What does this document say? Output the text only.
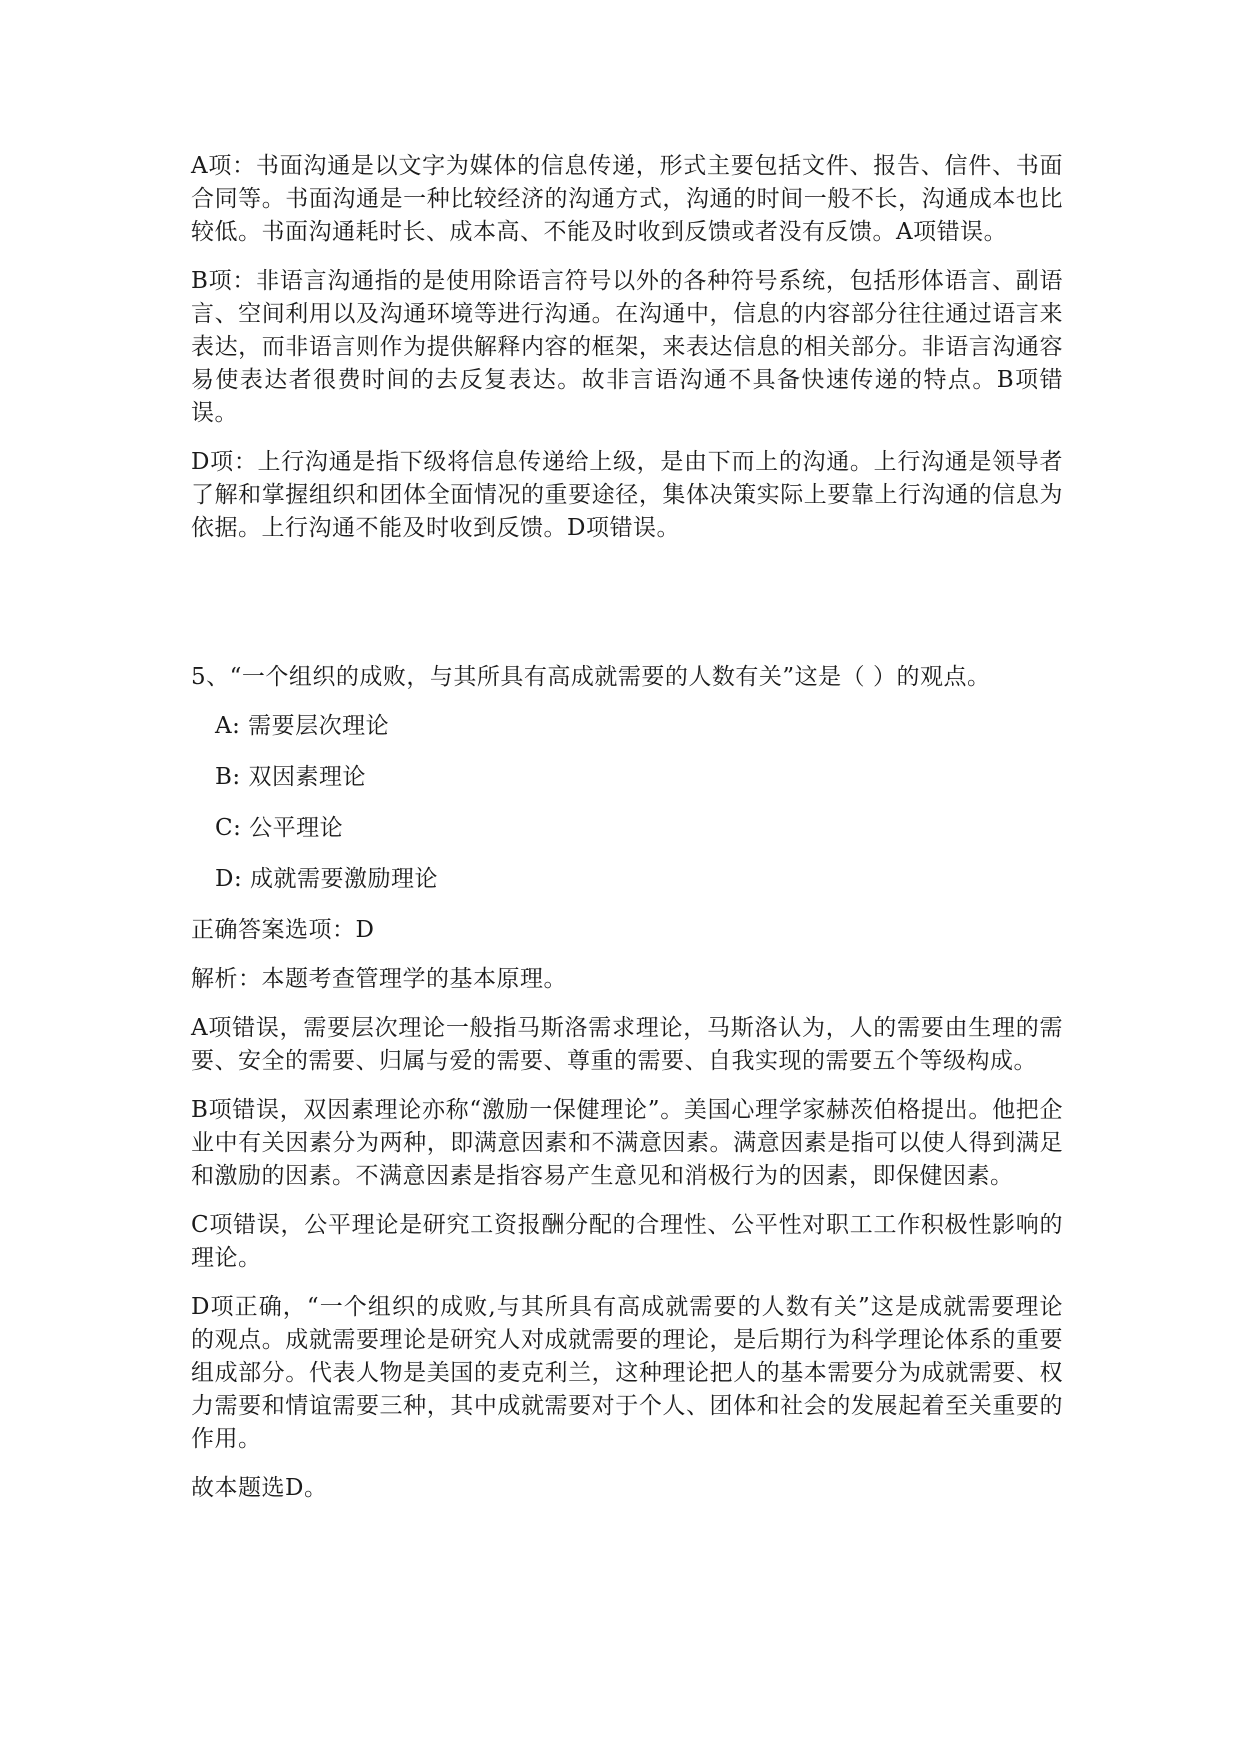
A项：书面沟通是以文字为媒体的信息传递，形式主要包括文件、报告、信件、书面合同等。书面沟通是一种比较经济的沟通方式，沟通的时间一般不长，沟通成本也比较低。书面沟通耗时长、成本高、不能及时收到反馈或者没有反馈。A项错误。

B项：非语言沟通指的是使用除语言符号以外的各种符号系统，包括形体语言、副语言、空间利用以及沟通环境等进行沟通。在沟通中，信息的内容部分往往通过语言来表达，而非语言则作为提供解释内容的框架，来表达信息的相关部分。非语言沟通容易使表达者很费时间的去反复表达。故非言语沟通不具备快速传递的特点。B项错误。

D项：上行沟通是指下级将信息传递给上级，是由下而上的沟通。上行沟通是领导者了解和掌握组织和团体全面情况的重要途径，集体决策实际上要靠上行沟通的信息为依据。上行沟通不能及时收到反馈。D项错误。

5、“一个组织的成败，与其所具有高成就需要的人数有关”这是（ ）的观点。

A: 需要层次理论

B: 双因素理论

C: 公平理论

D: 成就需要激励理论

正确答案选项：D

解析：本题考查管理学的基本原理。

A项错误，需要层次理论一般指马斯洛需求理论，马斯洛认为，人的需要由生理的需要、安全的需要、归属与爱的需要、尊重的需要、自我实现的需要五个等级构成。

B项错误，双因素理论亦称“激励一保健理论”。美国心理学家赫茨伯格提出。他把企业中有关因素分为两种，即满意因素和不满意因素。满意因素是指可以使人得到满足和激励的因素。不满意因素是指容易产生意见和消极行为的因素，即保健因素。

C项错误，公平理论是研究工资报酬分配的合理性、公平性对职工工作积极性影响的理论。

D项正确，“一个组织的成败,与其所具有高成就需要的人数有关”这是成就需要理论的观点。成就需要理论是研究人对成就需要的理论，是后期行为科学理论体系的重要组成部分。代表人物是美国的麦克利兰，这种理论把人的基本需要分为成就需要、权力需要和情谊需要三种，其中成就需要对于个人、团体和社会的发展起着至关重要的作用。

故本题选D。
